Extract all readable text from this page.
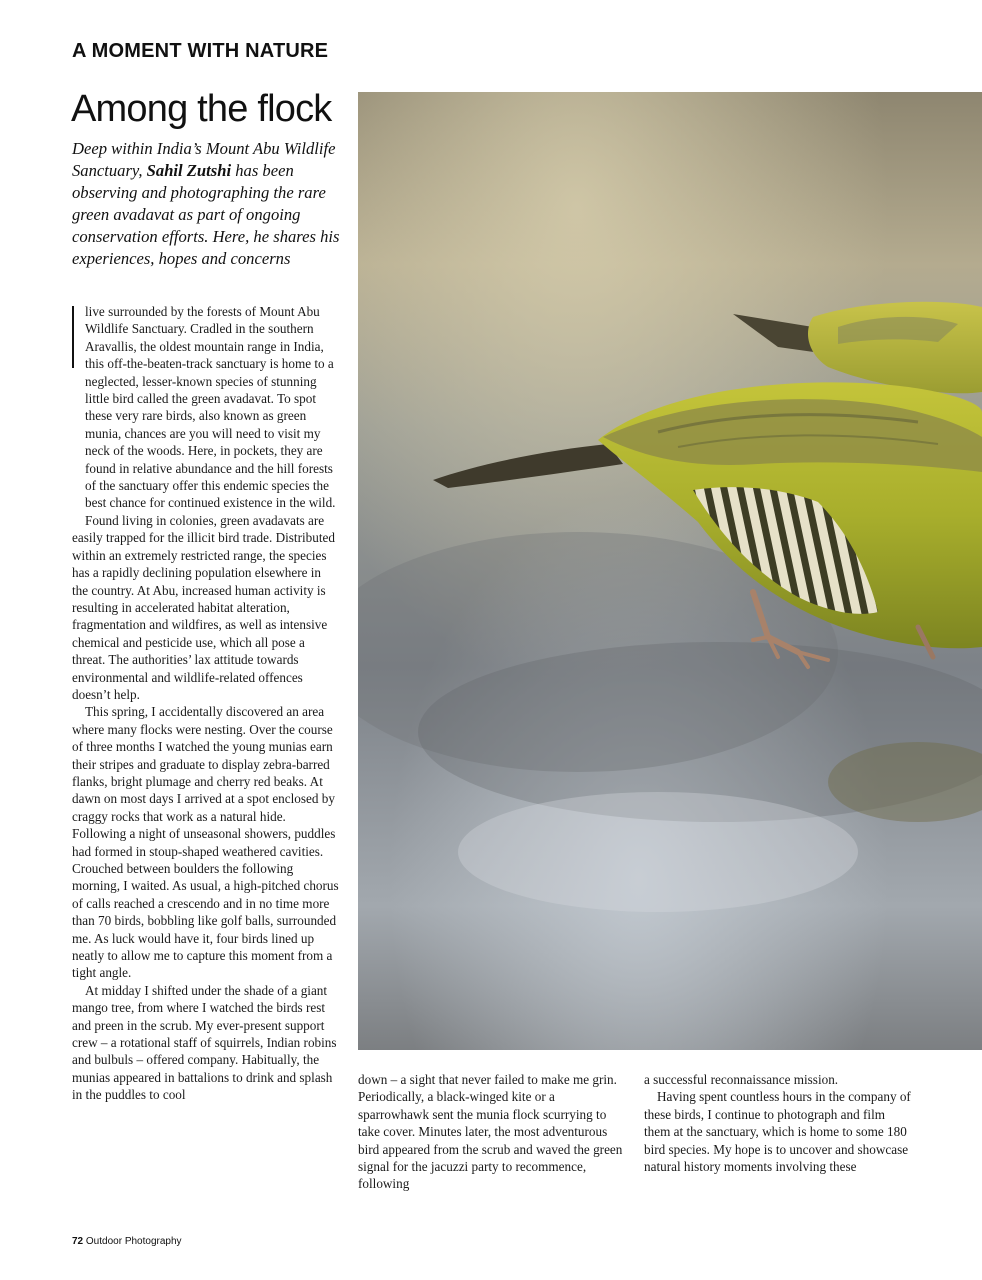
A MOMENT WITH NATURE
Among the flock

Deep within India’s Mount Abu Wildlife Sanctuary, Sahil Zutshi has been observing and photographing the rare green avadavat as part of ongoing conservation efforts. Here, he shares his experiences, hopes and concerns

live surrounded by the forests of Mount Abu Wildlife Sanctuary. Cradled in the southern Aravallis, the oldest mountain range in India, this off-the-beaten-track sanctuary is home to a neglected, lesser-known species of stunning little bird called the green avadavat. To spot these very rare birds, also known as green munia, chances are you will need to visit my neck of the woods. Here, in pockets, they are found in relative abundance and the hill forests of the sanctuary offer this endemic species the best chance for continued existence in the wild.

Found living in colonies, green avadavats are easily trapped for the illicit bird trade. Distributed within an extremely restricted range, the species has a rapidly declining population elsewhere in the country. At Abu, increased human activity is resulting in accelerated habitat alteration, fragmentation and wildfires, as well as intensive chemical and pesticide use, which all pose a threat. The authorities’ lax attitude towards environmental and wildlife-related offences doesn’t help.

This spring, I accidentally discovered an area where many flocks were nesting. Over the course of three months I watched the young munias earn their stripes and graduate to display zebra-barred flanks, bright plumage and cherry red beaks. At dawn on most days I arrived at a spot enclosed by craggy rocks that work as a natural hide. Following a night of unseasonal showers, puddles had formed in stoup-shaped weathered cavities. Crouched between boulders the following morning, I waited. As usual, a high-pitched chorus of calls reached a crescendo and in no time more than 70 birds, bobbling like golf balls, surrounded me. As luck would have it, four birds lined up neatly to allow me to capture this moment from a tight angle.

At midday I shifted under the shade of a giant mango tree, from where I watched the birds rest and preen in the scrub. My ever-present support crew – a rotational staff of squirrels, Indian robins and bulbuls – offered company. Habitually, the munias appeared in battalions to drink and splash in the puddles to cool

down – a sight that never failed to make me grin. Periodically, a black-winged kite or a sparrowhawk sent the munia flock scurrying to take cover. Minutes later, the most adventurous bird appeared from the scrub and waved the green signal for the jacuzzi party to recommence, following

a successful reconnaissance mission.

Having spent countless hours in the company of these birds, I continue to photograph and film them at the sanctuary, which is home to some 180 bird species. My hope is to uncover and showcase natural history moments involving these

72 Outdoor Photography
